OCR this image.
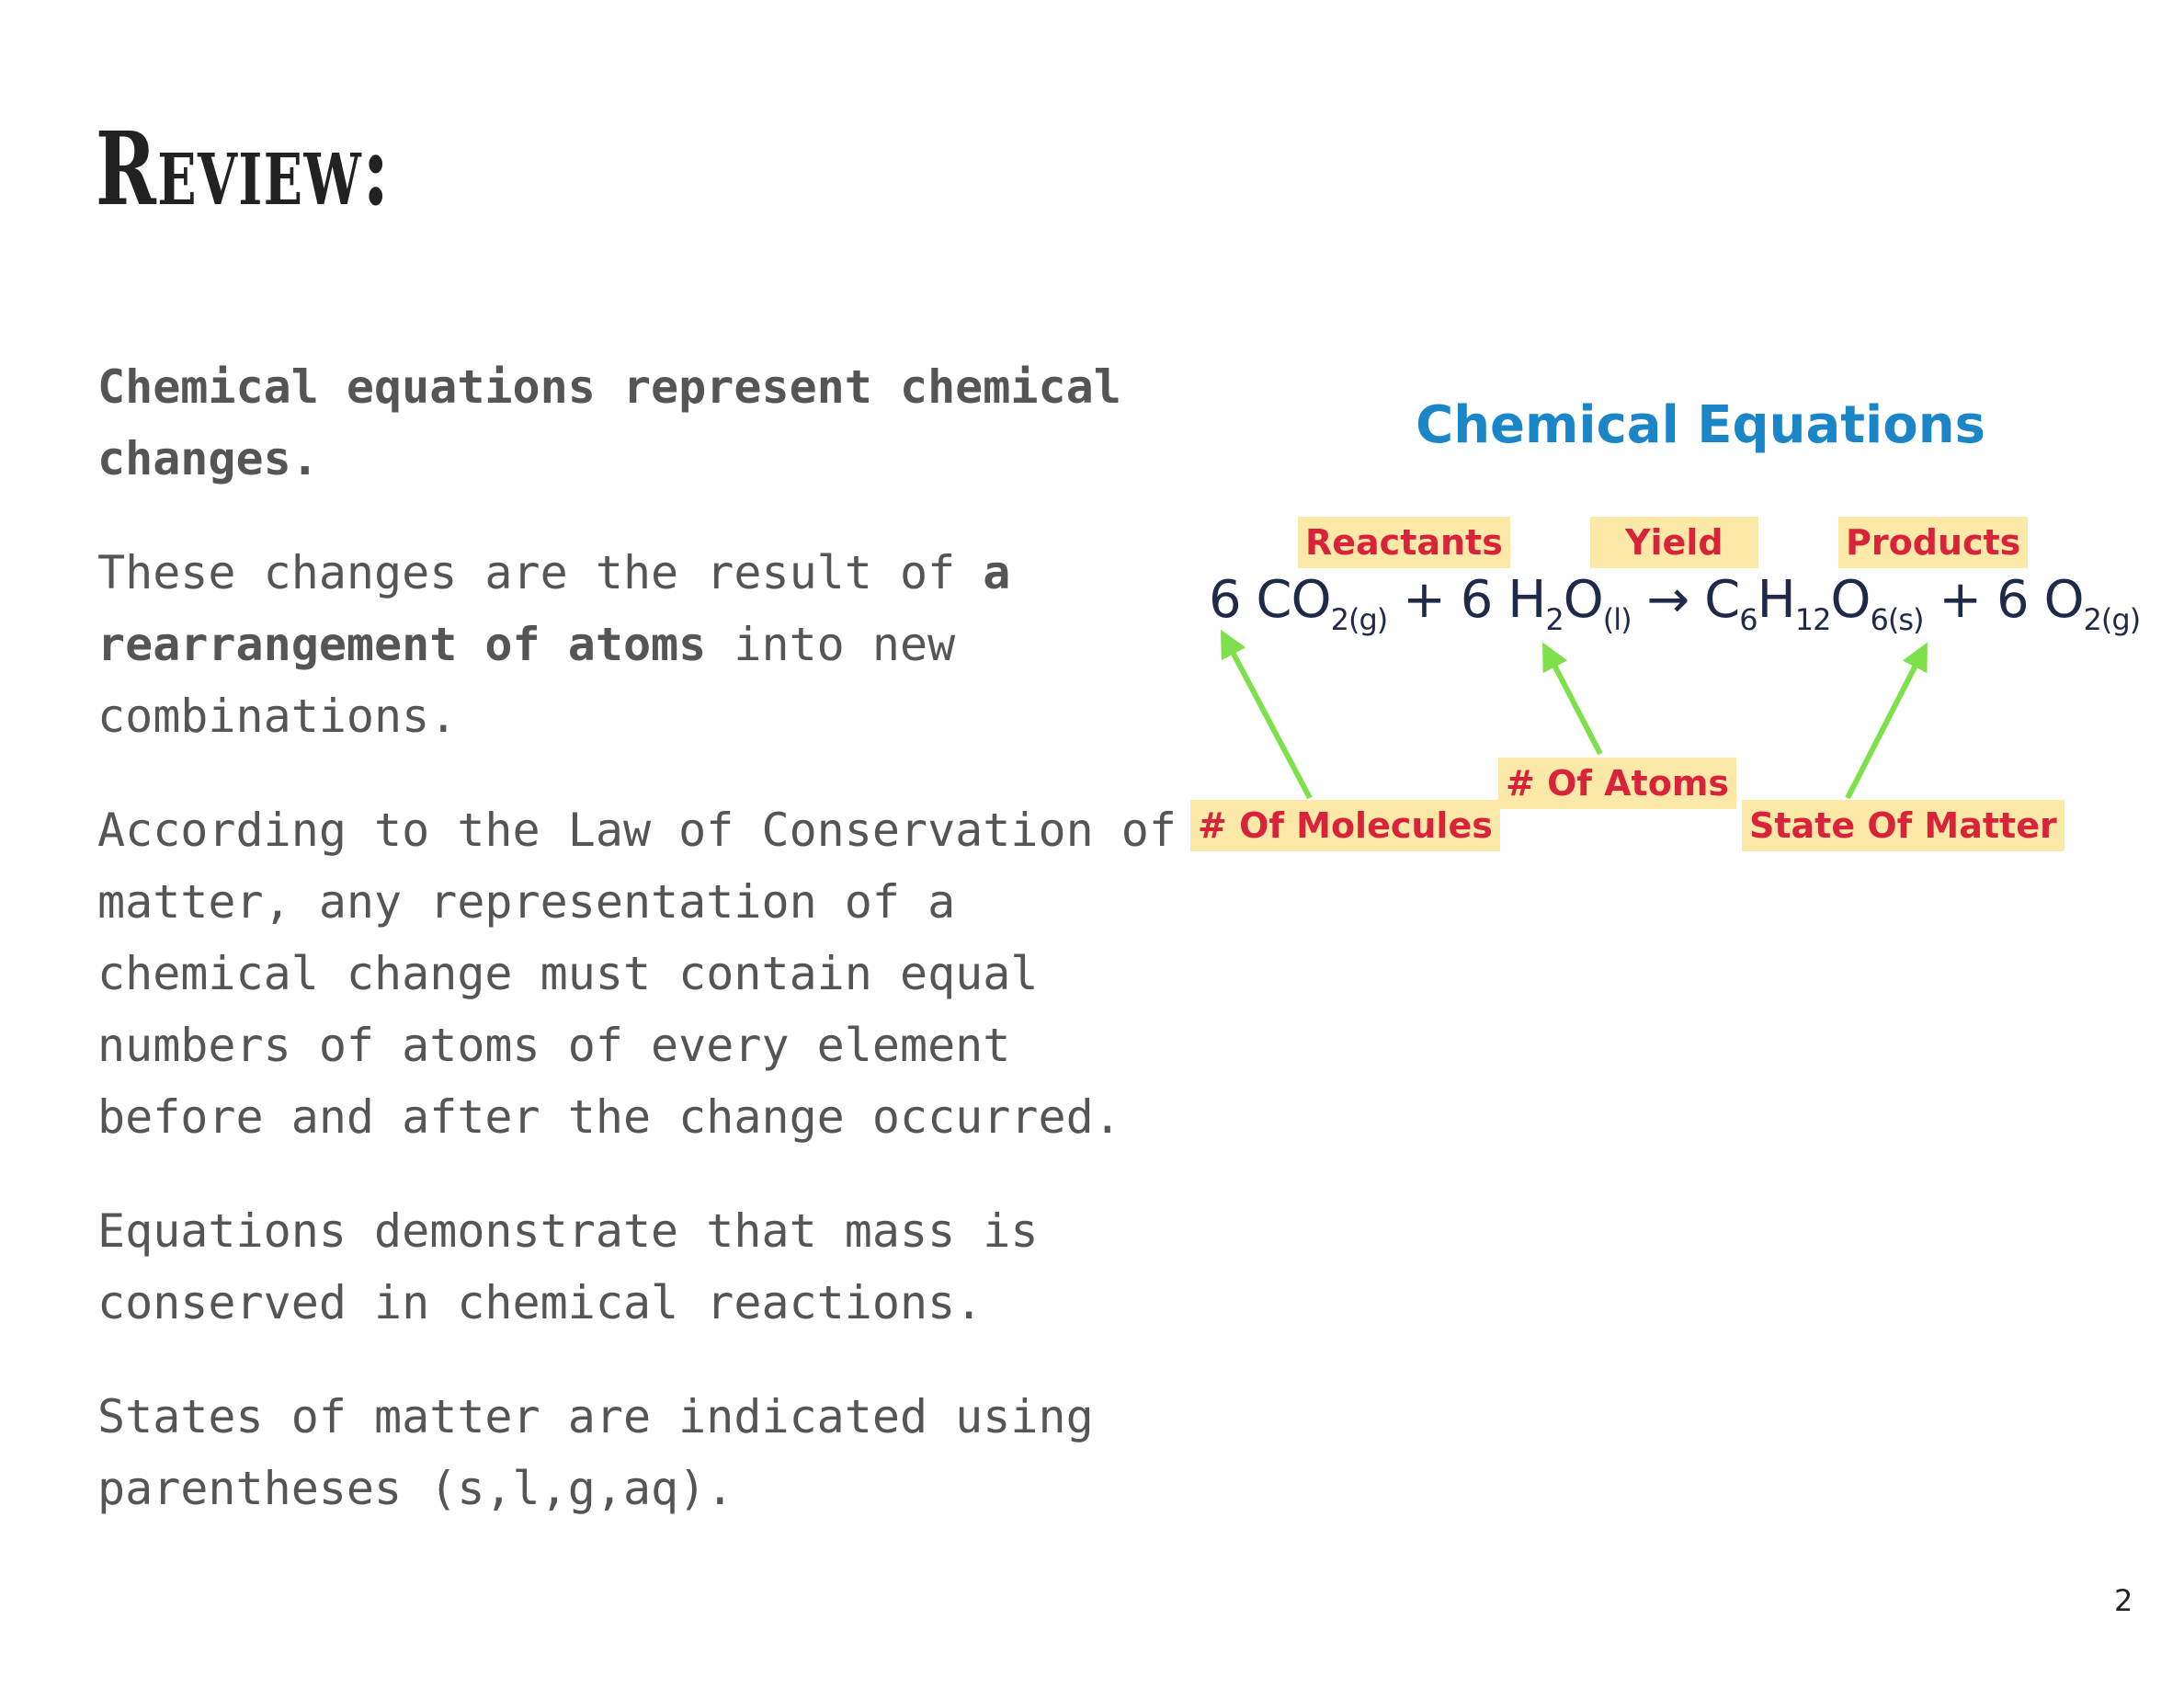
Review:

Chemical equations represent chemical changes.

These changes are the result of a rearrangement of atoms into new combinations.

According to the Law of Conservation of matter, any representation of a chemical change must contain equal numbers of atoms of every element before and after the change occurred.

Equations demonstrate that mass is conserved in chemical reactions.

States of matter are indicated using parentheses (s,l,g,aq).

Chemical Equations
Reactants	Yield	Products
6 $CO_{2(g)} + 6$ $H_2O_{(l)} \to C_6H_{12}O_{6(s)} + 6$ $O_{2(g)}$
# Of Molecules
# Of Atoms
State Of Matter
2
